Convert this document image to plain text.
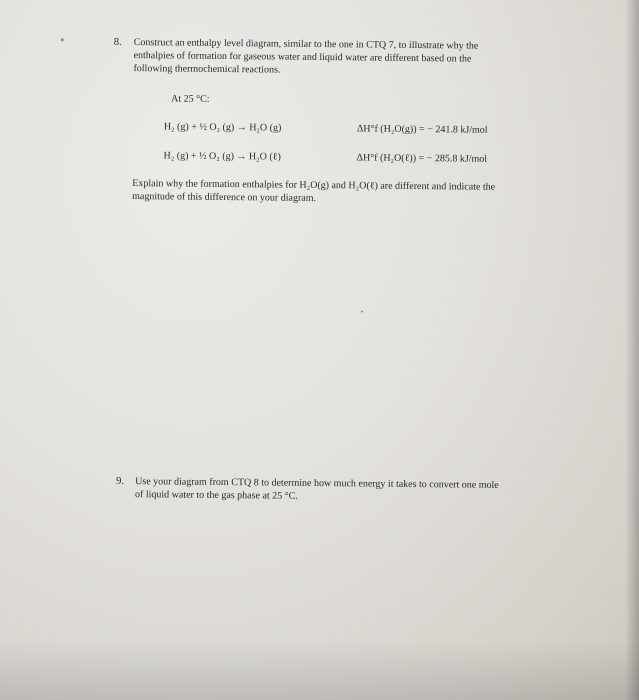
8. Construct an enthalpy level diagram, similar to the one in CTQ 7, to illustrate why the
enthalpies of formation for gaseous water and liquid water are different based on the
following thermochemical reactions.
At 25 °C:
H₂ (g) + ½ O₂ (g) → H₂O (g)	ΔH°f (H₂O(g)) = − 241.8 kJ/mol
H₂ (g) + ½ O₂ (g) → H₂O (ℓ)	ΔH°f (H₂O(ℓ)) = − 285.8 kJ/mol
Explain why the formation enthalpies for H₂O(g) and H₂O(ℓ) are different and indicate the
magnitude of this difference on your diagram.
9. Use your diagram from CTQ 8 to determine how much energy it takes to convert one mole
of liquid water to the gas phase at 25 °C.
